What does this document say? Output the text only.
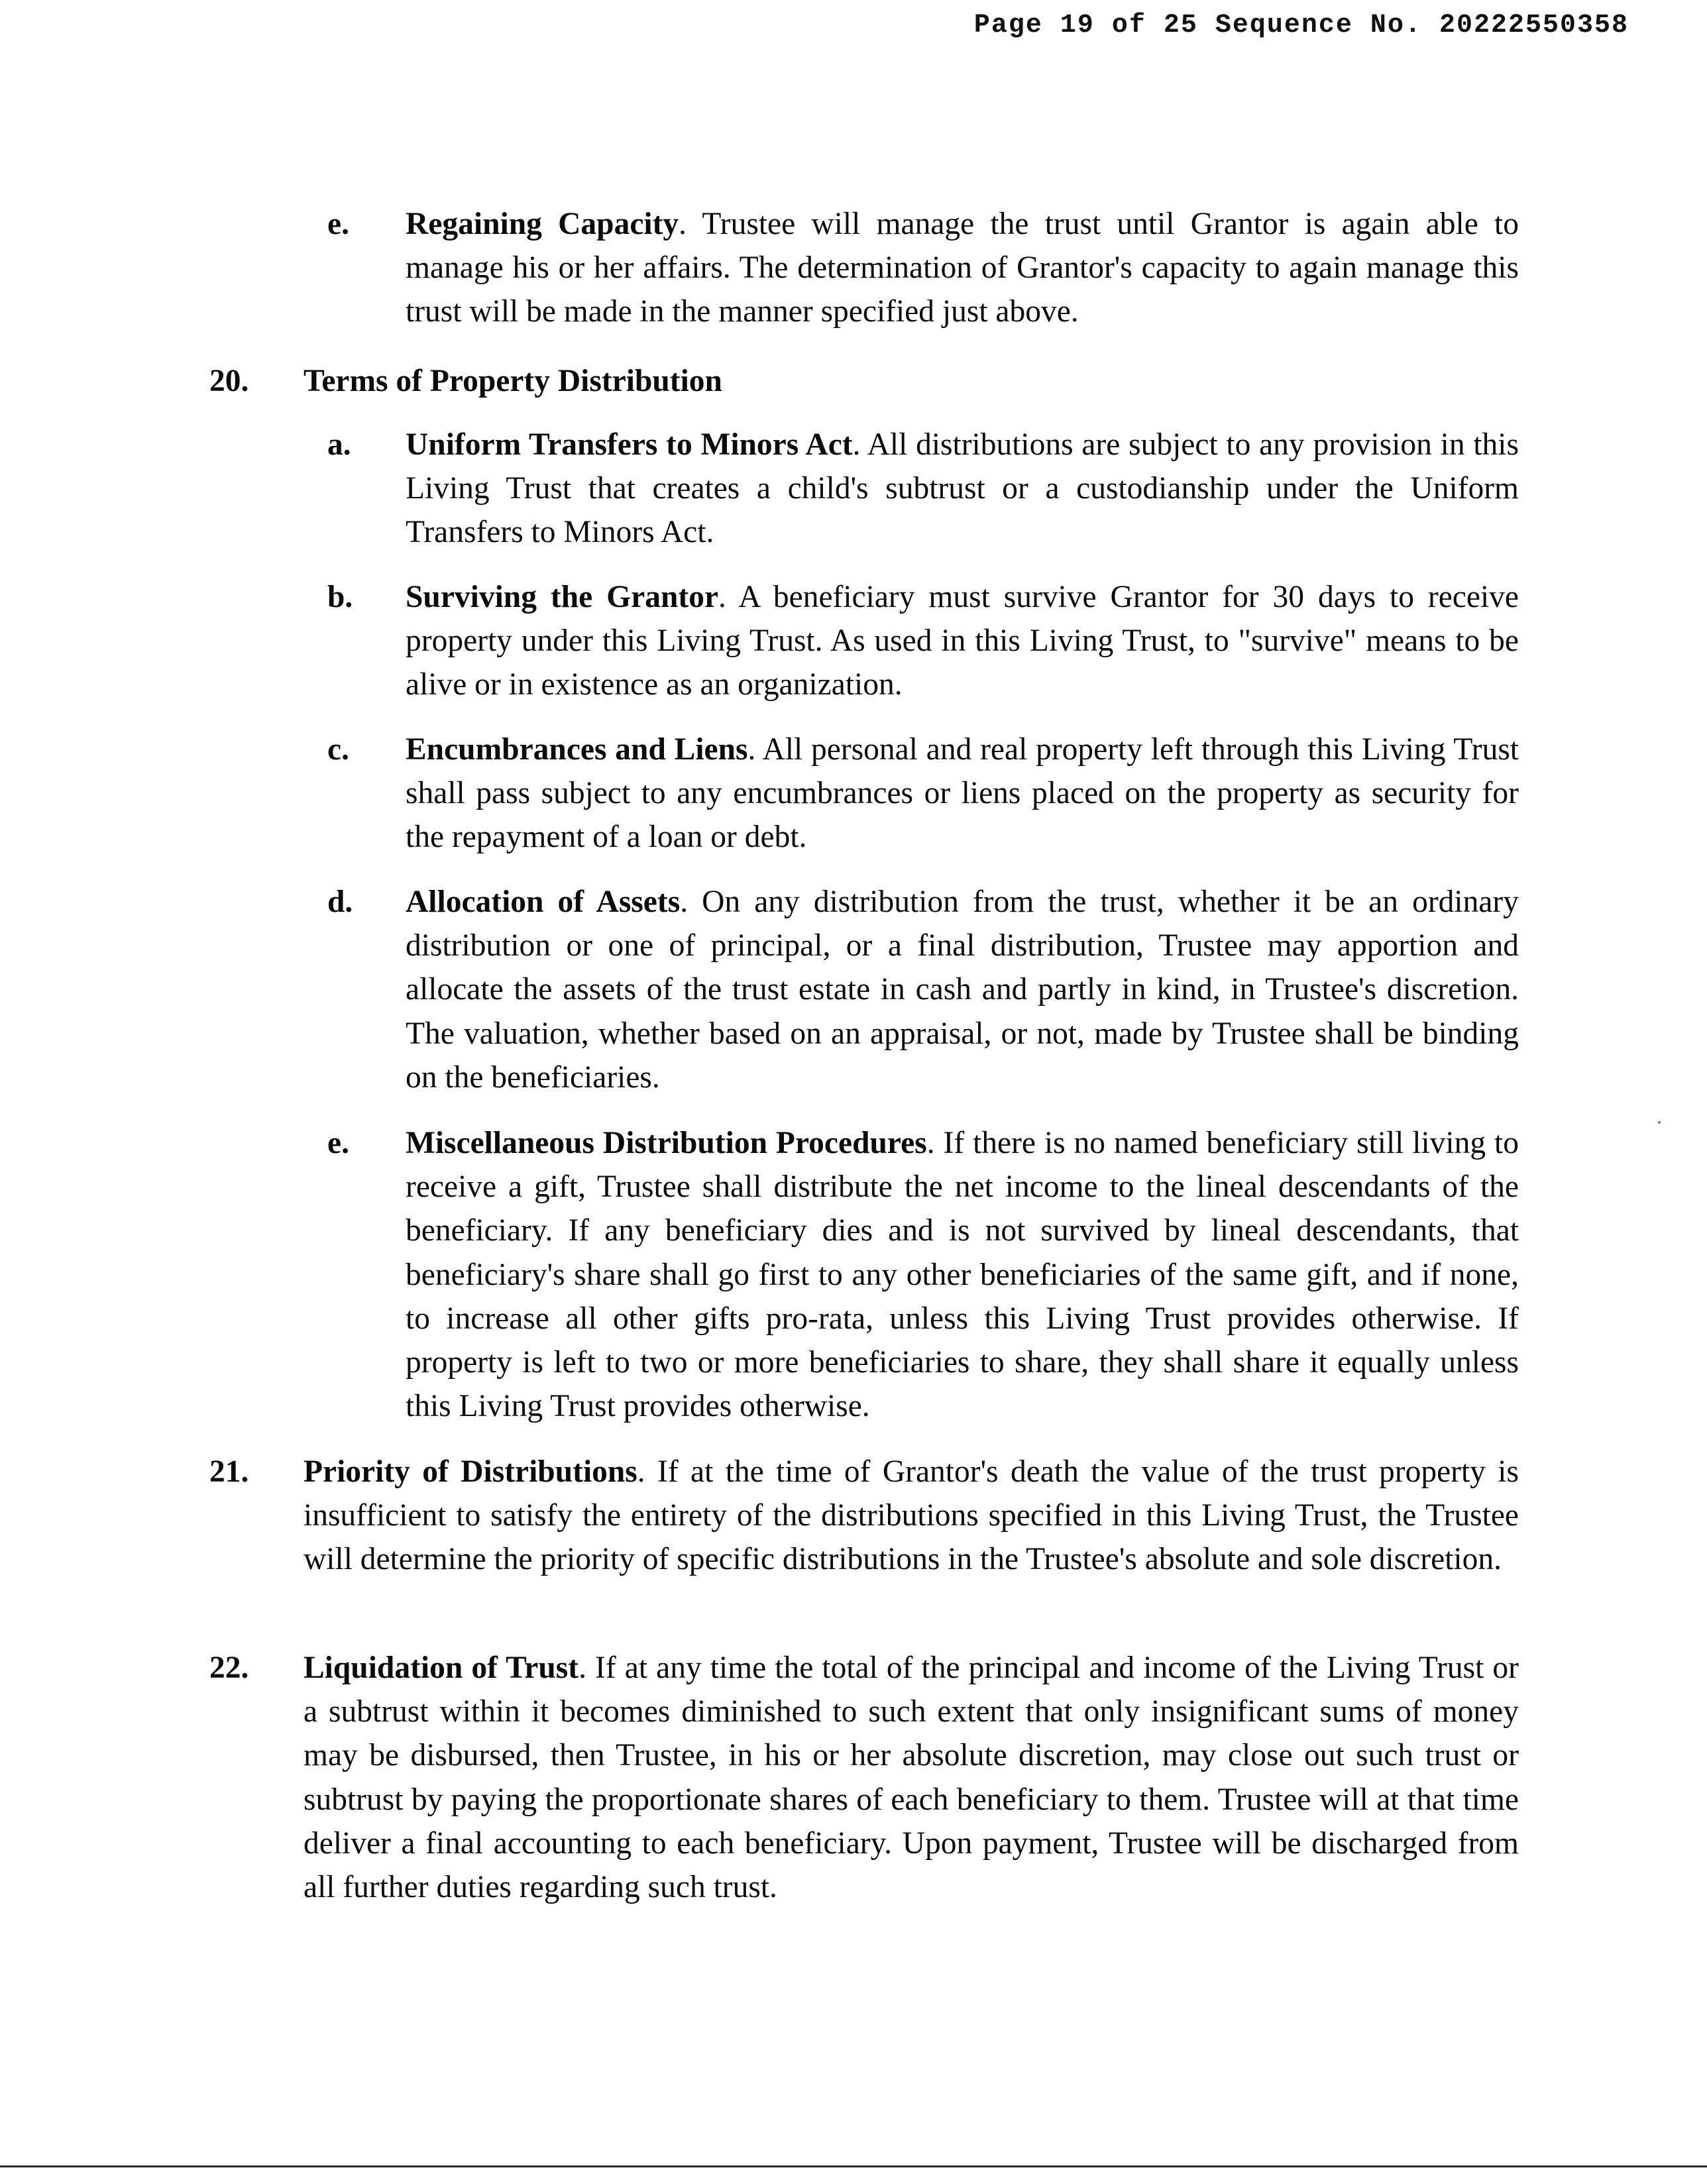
Page 19 of 25 Sequence No. 20222550358
e. Regaining Capacity. Trustee will manage the trust until Grantor is again able to manage his or her affairs. The determination of Grantor's capacity to again manage this trust will be made in the manner specified just above.
20. Terms of Property Distribution
a. Uniform Transfers to Minors Act. All distributions are subject to any provision in this Living Trust that creates a child's subtrust or a custodianship under the Uniform Transfers to Minors Act.
b. Surviving the Grantor. A beneficiary must survive Grantor for 30 days to receive property under this Living Trust. As used in this Living Trust, to "survive" means to be alive or in existence as an organization.
c. Encumbrances and Liens. All personal and real property left through this Living Trust shall pass subject to any encumbrances or liens placed on the property as security for the repayment of a loan or debt.
d. Allocation of Assets. On any distribution from the trust, whether it be an ordinary distribution or one of principal, or a final distribution, Trustee may apportion and allocate the assets of the trust estate in cash and partly in kind, in Trustee's discretion. The valuation, whether based on an appraisal, or not, made by Trustee shall be binding on the beneficiaries.
e. Miscellaneous Distribution Procedures. If there is no named beneficiary still living to receive a gift, Trustee shall distribute the net income to the lineal descendants of the beneficiary. If any beneficiary dies and is not survived by lineal descendants, that beneficiary's share shall go first to any other beneficiaries of the same gift, and if none, to increase all other gifts pro-rata, unless this Living Trust provides otherwise. If property is left to two or more beneficiaries to share, they shall share it equally unless this Living Trust provides otherwise.
21. Priority of Distributions. If at the time of Grantor's death the value of the trust property is insufficient to satisfy the entirety of the distributions specified in this Living Trust, the Trustee will determine the priority of specific distributions in the Trustee's absolute and sole discretion.
22. Liquidation of Trust. If at any time the total of the principal and income of the Living Trust or a subtrust within it becomes diminished to such extent that only insignificant sums of money may be disbursed, then Trustee, in his or her absolute discretion, may close out such trust or subtrust by paying the proportionate shares of each beneficiary to them. Trustee will at that time deliver a final accounting to each beneficiary. Upon payment, Trustee will be discharged from all further duties regarding such trust.
